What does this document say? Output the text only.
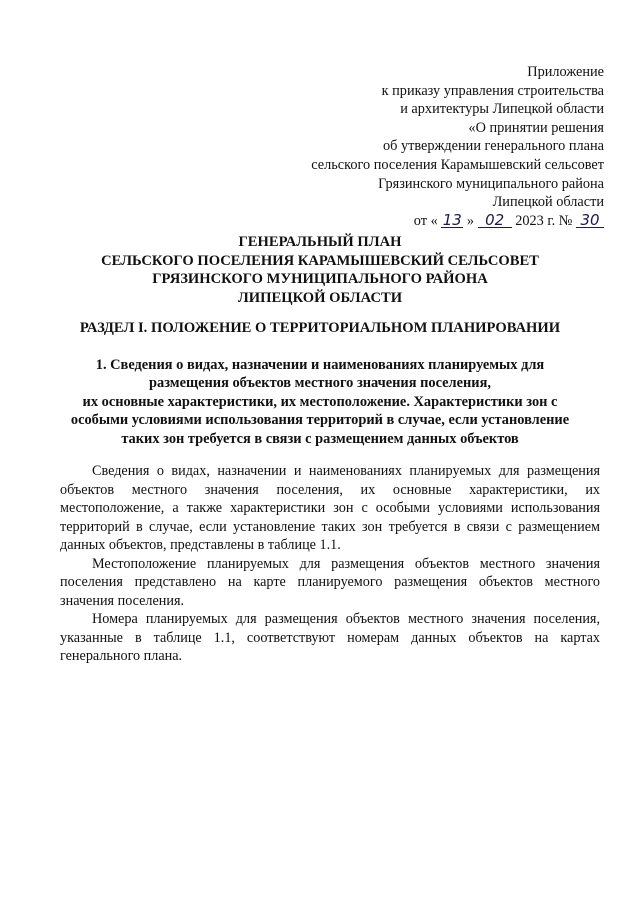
Приложение
к приказу управления строительства
и архитектуры Липецкой области
«О принятии решения
об утверждении генерального плана
сельского поселения Карамышевский сельсовет
Грязинского муниципального района
Липецкой области
от « 13 » 02 2023 г. № 30
ГЕНЕРАЛЬНЫЙ ПЛАН
СЕЛЬСКОГО ПОСЕЛЕНИЯ КАРАМЫШЕВСКИЙ СЕЛЬСОВЕТ
ГРЯЗИНСКОГО МУНИЦИПАЛЬНОГО РАЙОНА
ЛИПЕЦКОЙ ОБЛАСТИ
РАЗДЕЛ I. ПОЛОЖЕНИЕ О ТЕРРИТОРИАЛЬНОМ ПЛАНИРОВАНИИ
1. Сведения о видах, назначении и наименованиях планируемых для
размещения объектов местного значения поселения,
их основные характеристики, их местоположение. Характеристики зон с
особыми условиями использования территорий в случае, если установление
таких зон требуется в связи с размещением данных объектов

Сведения о видах, назначении и наименованиях планируемых для размещения объектов местного значения поселения, их основные характеристики, их местоположение, а также характеристики зон с особыми условиями использования территорий в случае, если установление таких зон требуется в связи с размещением данных объектов, представлены в таблице 1.1.

Местоположение планируемых для размещения объектов местного значения поселения представлено на карте планируемого размещения объектов местного значения поселения.

Номера планируемых для размещения объектов местного значения поселения, указанные в таблице 1.1, соответствуют номерам данных объектов на картах генерального плана.
